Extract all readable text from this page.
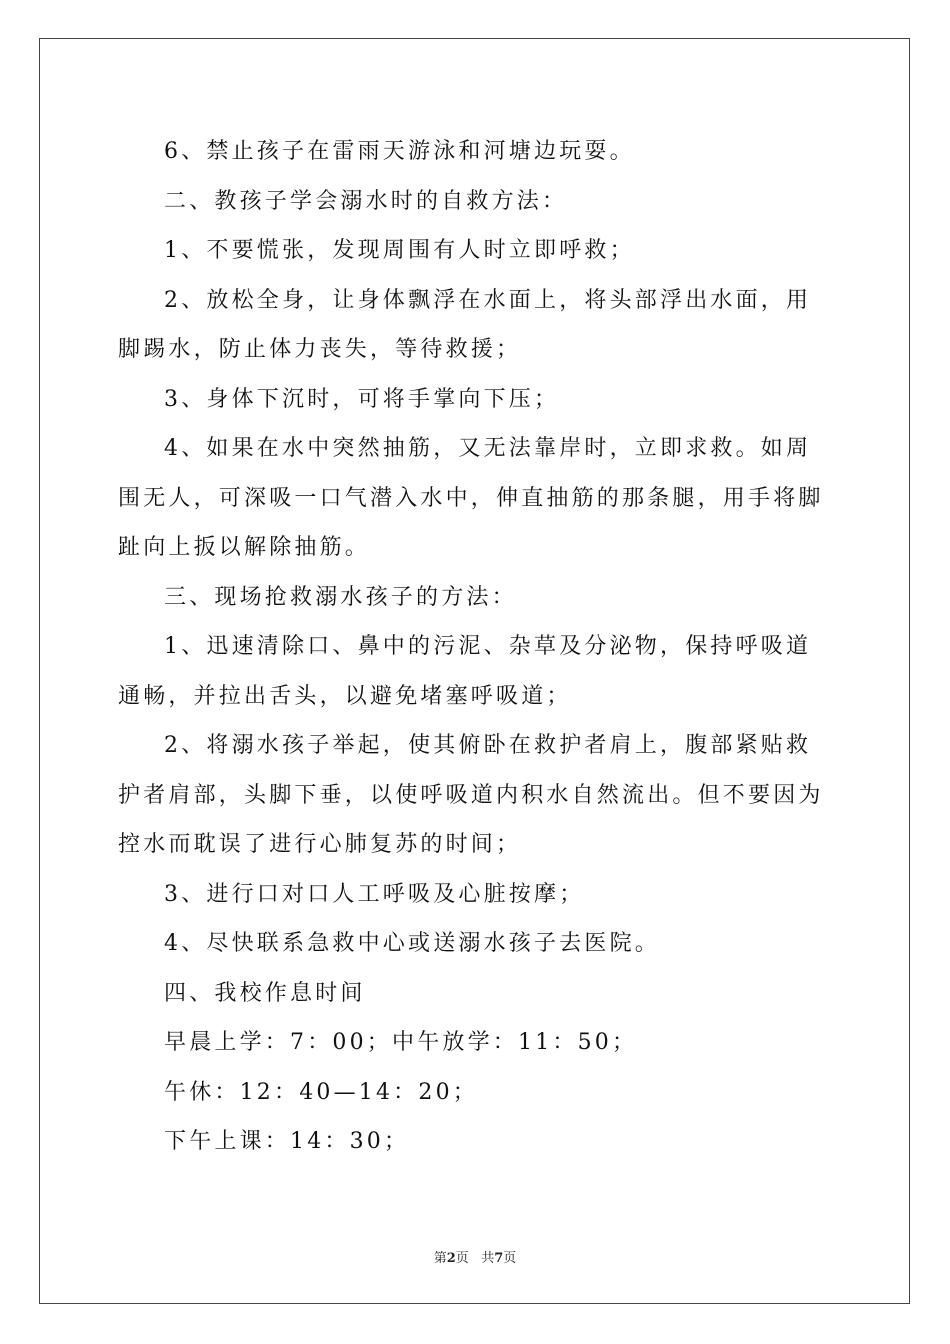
6、禁止孩子在雷雨天游泳和河塘边玩耍。

二、教孩子学会溺水时的自救方法：

1、不要慌张，发现周围有人时立即呼救；

2、放松全身，让身体飘浮在水面上，将头部浮出水面，用脚踢水，防止体力丧失，等待救援；

3、身体下沉时，可将手掌向下压；

4、如果在水中突然抽筋，又无法靠岸时，立即求救。如周围无人，可深吸一口气潜入水中，伸直抽筋的那条腿，用手将脚趾向上扳以解除抽筋。

三、现场抢救溺水孩子的方法：

1、迅速清除口、鼻中的污泥、杂草及分泌物，保持呼吸道通畅，并拉出舌头，以避免堵塞呼吸道；

2、将溺水孩子举起，使其俯卧在救护者肩上，腹部紧贴救护者肩部，头脚下垂，以使呼吸道内积水自然流出。但不要因为控水而耽误了进行心肺复苏的时间；

3、进行口对口人工呼吸及心脏按摩；

4、尽快联系急救中心或送溺水孩子去医院。

四、我校作息时间

早晨上学：7：00；中午放学：11：50；

午休：12：40—14：20；

下午上课：14：30；

第2页 共7页
